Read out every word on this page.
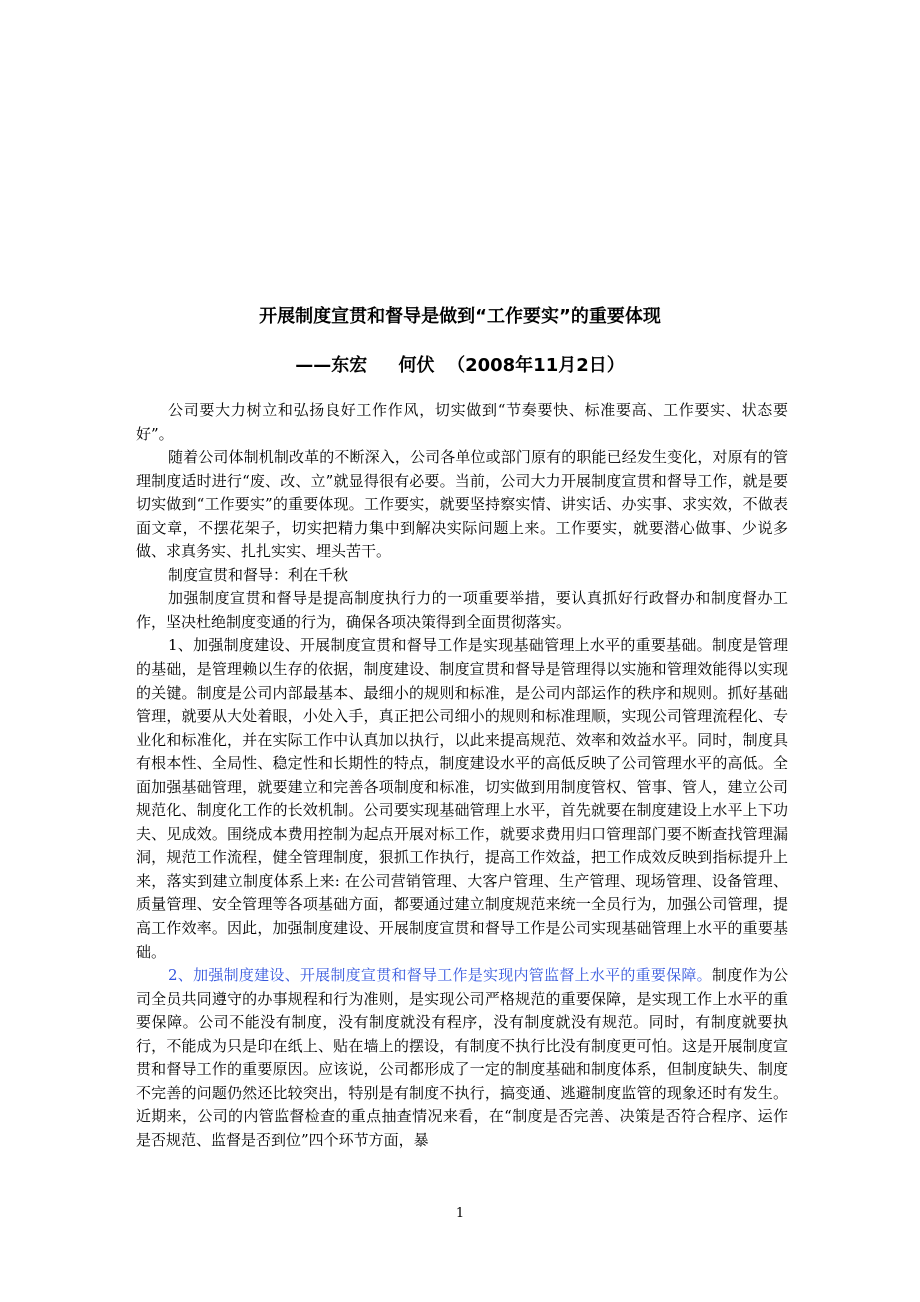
开展制度宣贯和督导是做到“工作要实”的重要体现
——东宏     何伏  （2008年11月2日）

公司要大力树立和弘扬良好工作作风，切实做到“节奏要快、标准要高、工作要实、状态要好”。

随着公司体制机制改革的不断深入，公司各单位或部门原有的职能已经发生变化，对原有的管理制度适时进行“废、改、立”就显得很有必要。当前，公司大力开展制度宣贯和督导工作，就是要切实做到“工作要实”的重要体现。工作要实，就要坚持察实情、讲实话、办实事、求实效，不做表面文章，不摆花架子，切实把精力集中到解决实际问题上来。工作要实，就要潜心做事、少说多做、求真务实、扎扎实实、埋头苦干。

制度宣贯和督导：利在千秋

加强制度宣贯和督导是提高制度执行力的一项重要举措，要认真抓好行政督办和制度督办工作，坚决杜绝制度变通的行为，确保各项决策得到全面贯彻落实。

1、加强制度建设、开展制度宣贯和督导工作是实现基础管理上水平的重要基础。制度是管理的基础，是管理赖以生存的依据，制度建设、制度宣贯和督导是管理得以实施和管理效能得以实现的关键。制度是公司内部最基本、最细小的规则和标准，是公司内部运作的秩序和规则。抓好基础管理，就要从大处着眼，小处入手，真正把公司细小的规则和标准理顺，实现公司管理流程化、专业化和标准化，并在实际工作中认真加以执行，以此来提高规范、效率和效益水平。同时，制度具有根本性、全局性、稳定性和长期性的特点，制度建设水平的高低反映了公司管理水平的高低。全面加强基础管理，就要建立和完善各项制度和标准，切实做到用制度管权、管事、管人，建立公司规范化、制度化工作的长效机制。公司要实现基础管理上水平，首先就要在制度建设上水平上下功夫、见成效。围绕成本费用控制为起点开展对标工作，就要求费用归口管理部门要不断查找管理漏洞，规范工作流程，健全管理制度，狠抓工作执行，提高工作效益，把工作成效反映到指标提升上来，落实到建立制度体系上来: 在公司营销管理、大客户管理、生产管理、现场管理、设备管理、质量管理、安全管理等各项基础方面，都要通过建立制度规范来统一全员行为，加强公司管理，提高工作效率。因此，加强制度建设、开展制度宣贯和督导工作是公司实现基础管理上水平的重要基础。

2、加强制度建设、开展制度宣贯和督导工作是实现内管监督上水平的重要保障。制度作为公司全员共同遵守的办事规程和行为准则，是实现公司严格规范的重要保障，是实现工作上水平的重要保障。公司不能没有制度，没有制度就没有程序，没有制度就没有规范。同时，有制度就要执行，不能成为只是印在纸上、贴在墙上的摆设，有制度不执行比没有制度更可怕。这是开展制度宣贯和督导工作的重要原因。应该说，公司都形成了一定的制度基础和制度体系，但制度缺失、制度不完善的问题仍然还比较突出，特别是有制度不执行，搞变通、逃避制度监管的现象还时有发生。近期来，公司的内管监督检查的重点抽查情况来看，在“制度是否完善、决策是否符合程序、运作是否规范、监督是否到位”四个环节方面，暴

1
